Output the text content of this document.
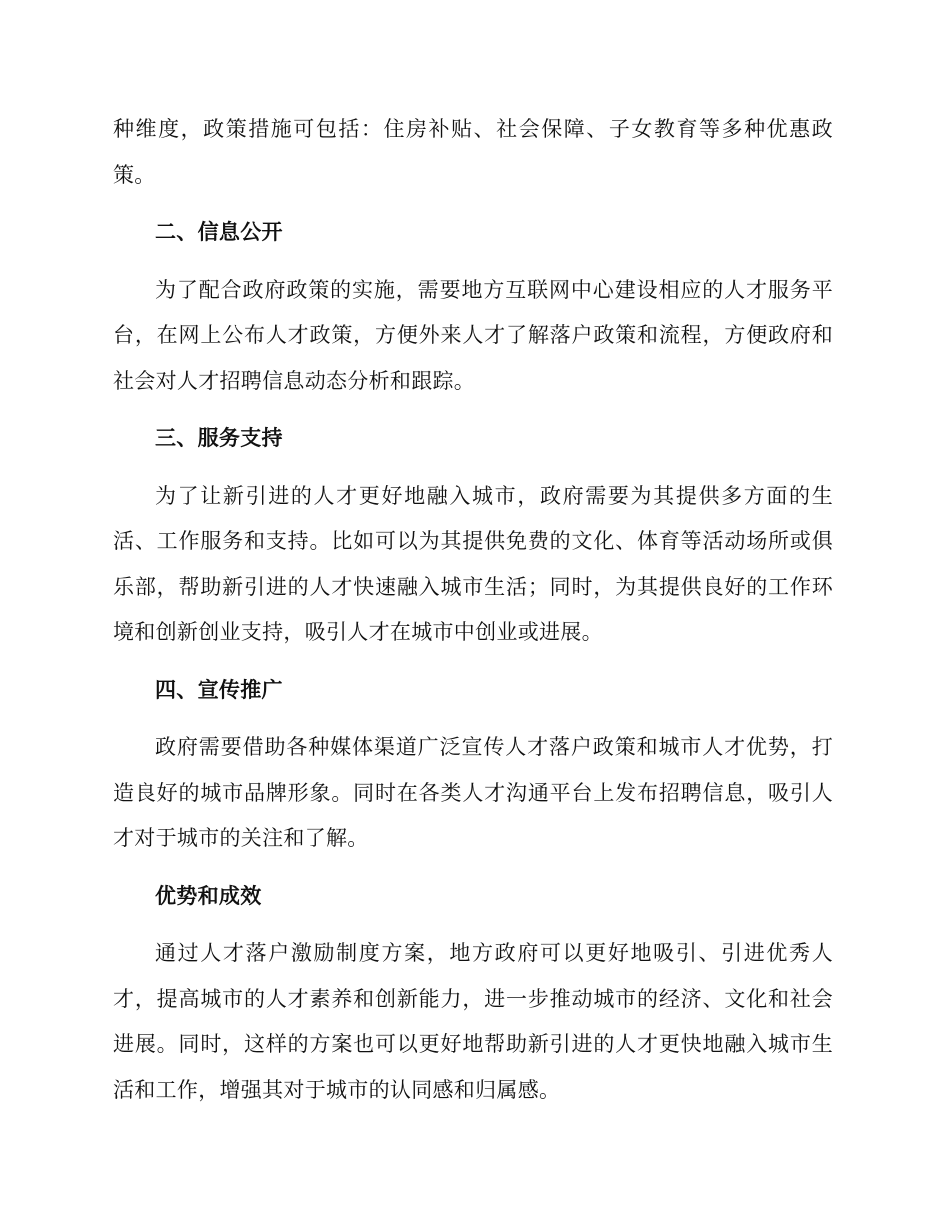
种维度，政策措施可包括：住房补贴、社会保障、子女教育等多种优惠政策。

二、信息公开

为了配合政府政策的实施，需要地方互联网中心建设相应的人才服务平台，在网上公布人才政策，方便外来人才了解落户政策和流程，方便政府和社会对人才招聘信息动态分析和跟踪。

三、服务支持

为了让新引进的人才更好地融入城市，政府需要为其提供多方面的生活、工作服务和支持。比如可以为其提供免费的文化、体育等活动场所或俱乐部，帮助新引进的人才快速融入城市生活；同时，为其提供良好的工作环境和创新创业支持，吸引人才在城市中创业或进展。

四、宣传推广

政府需要借助各种媒体渠道广泛宣传人才落户政策和城市人才优势，打造良好的城市品牌形象。同时在各类人才沟通平台上发布招聘信息，吸引人才对于城市的关注和了解。

优势和成效

通过人才落户激励制度方案，地方政府可以更好地吸引、引进优秀人才，提高城市的人才素养和创新能力，进一步推动城市的经济、文化和社会进展。同时，这样的方案也可以更好地帮助新引进的人才更快地融入城市生活和工作，增强其对于城市的认同感和归属感。
